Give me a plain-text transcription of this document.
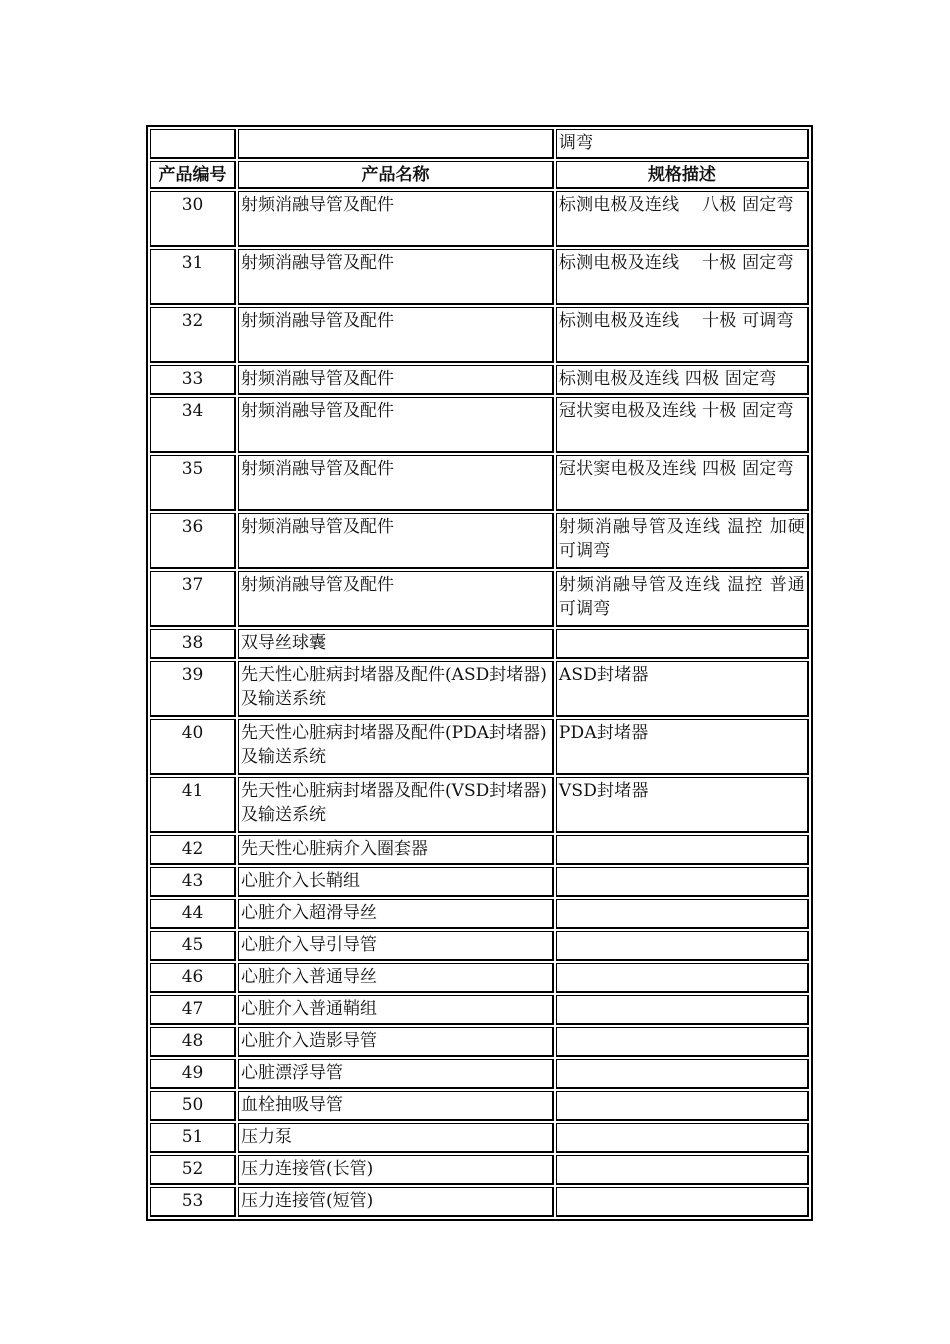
		调弯
产品编号	产品名称	规格描述
30	射频消融导管及配件	标测电极及连线　 八极 固定弯
31	射频消融导管及配件	标测电极及连线　 十极 固定弯
32	射频消融导管及配件	标测电极及连线　 十极 可调弯
33	射频消融导管及配件	标测电极及连线 四极 固定弯
34	射频消融导管及配件	冠状窦电极及连线 十极 固定弯
35	射频消融导管及配件	冠状窦电极及连线 四极 固定弯
36	射频消融导管及配件	射频消融导管及连线 温控 加硬 可调弯
37	射频消融导管及配件	射频消融导管及连线 温控 普通 可调弯
38	双导丝球囊	
39	先天性心脏病封堵器及配件(ASD封堵器)及输送系统	ASD封堵器
40	先天性心脏病封堵器及配件(PDA封堵器)及输送系统	PDA封堵器
41	先天性心脏病封堵器及配件(VSD封堵器)及输送系统	VSD封堵器
42	先天性心脏病介入圈套器	
43	心脏介入长鞘组	
44	心脏介入超滑导丝	
45	心脏介入导引导管	
46	心脏介入普通导丝	
47	心脏介入普通鞘组	
48	心脏介入造影导管	
49	心脏漂浮导管	
50	血栓抽吸导管	
51	压力泵	
52	压力连接管(长管)	
53	压力连接管(短管)	
